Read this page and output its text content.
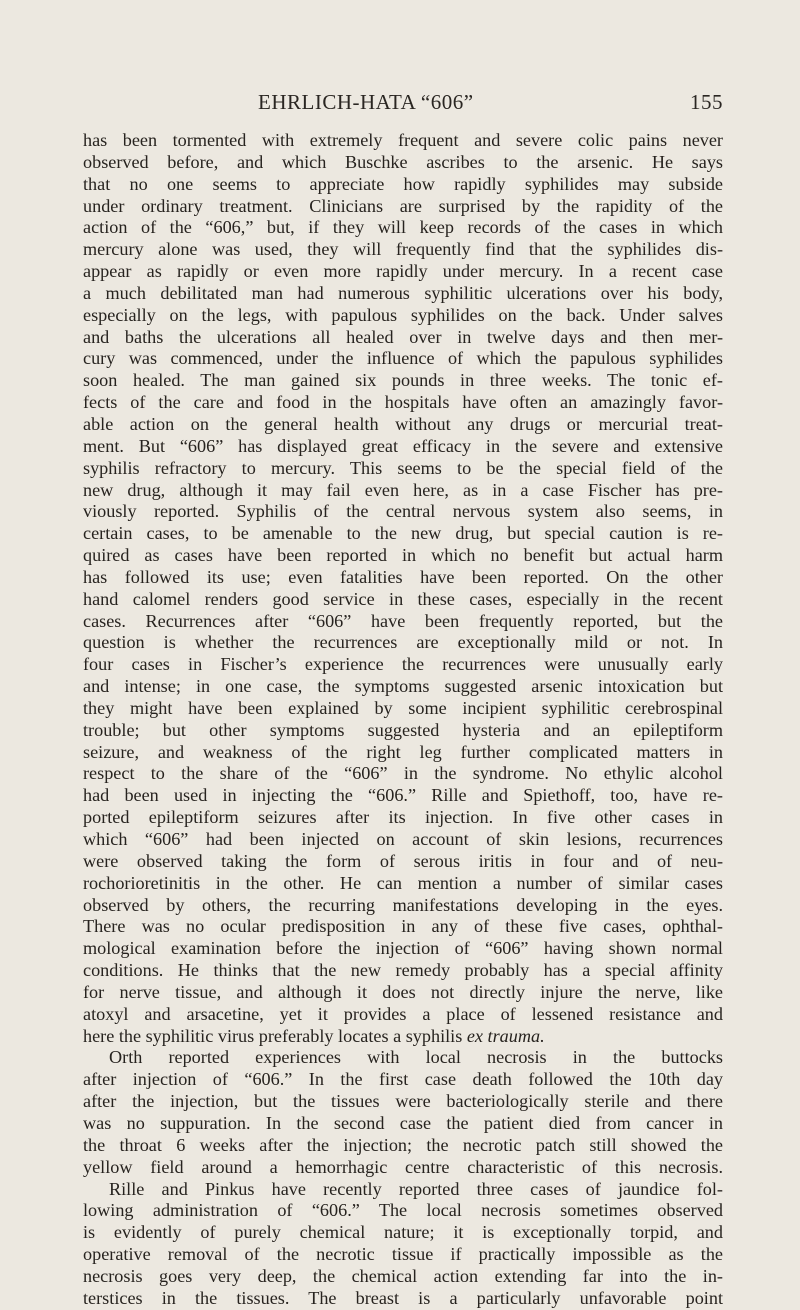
EHRLICH-HATA “606”	155
has been tormented with extremely frequent and severe colic pains never
observed before, and which Buschke ascribes to the arsenic. He says
that no one seems to appreciate how rapidly syphilides may subside
under ordinary treatment. Clinicians are surprised by the rapidity of the
action of the “606,” but, if they will keep records of the cases in which
mercury alone was used, they will frequently find that the syphilides dis-
appear as rapidly or even more rapidly under mercury. In a recent case
a much debilitated man had numerous syphilitic ulcerations over his body,
especially on the legs, with papulous syphilides on the back. Under salves
and baths the ulcerations all healed over in twelve days and then mer-
cury was commenced, under the influence of which the papulous syphilides
soon healed. The man gained six pounds in three weeks. The tonic ef-
fects of the care and food in the hospitals have often an amazingly favor-
able action on the general health without any drugs or mercurial treat-
ment. But “606” has displayed great efficacy in the severe and extensive
syphilis refractory to mercury. This seems to be the special field of the
new drug, although it may fail even here, as in a case Fischer has pre-
viously reported. Syphilis of the central nervous system also seems, in
certain cases, to be amenable to the new drug, but special caution is re-
quired as cases have been reported in which no benefit but actual harm
has followed its use; even fatalities have been reported. On the other
hand calomel renders good service in these cases, especially in the recent
cases. Recurrences after “606” have been frequently reported, but the
question is whether the recurrences are exceptionally mild or not. In
four cases in Fischer’s experience the recurrences were unusually early
and intense; in one case, the symptoms suggested arsenic intoxication but
they might have been explained by some incipient syphilitic cerebrospinal
trouble; but other symptoms suggested hysteria and an epileptiform
seizure, and weakness of the right leg further complicated matters in
respect to the share of the “606” in the syndrome. No ethylic alcohol
had been used in injecting the “606.” Rille and Spiethoff, too, have re-
ported epileptiform seizures after its injection. In five other cases in
which “606” had been injected on account of skin lesions, recurrences
were observed taking the form of serous iritis in four and of neu-
rochorioretinitis in the other. He can mention a number of similar cases
observed by others, the recurring manifestations developing in the eyes.
There was no ocular predisposition in any of these five cases, ophthal-
mological examination before the injection of “606” having shown normal
conditions. He thinks that the new remedy probably has a special affinity
for nerve tissue, and although it does not directly injure the nerve, like
atoxyl and arsacetine, yet it provides a place of lessened resistance and
here the syphilitic virus preferably locates a syphilis ex trauma.
Orth reported experiences with local necrosis in the buttocks
after injection of “606.” In the first case death followed the 10th day
after the injection, but the tissues were bacteriologically sterile and there
was no suppuration. In the second case the patient died from cancer in
the throat 6 weeks after the injection; the necrotic patch still showed the
yellow field around a hemorrhagic centre characteristic of this necrosis.
Rille and Pinkus have recently reported three cases of jaundice fol-
lowing administration of “606.” The local necrosis sometimes observed
is evidently of purely chemical nature; it is exceptionally torpid, and
operative removal of the necrotic tissue if practically impossible as the
necrosis goes very deep, the chemical action extending far into the in-
terstices in the tissues. The breast is a particularly unfavorable point
